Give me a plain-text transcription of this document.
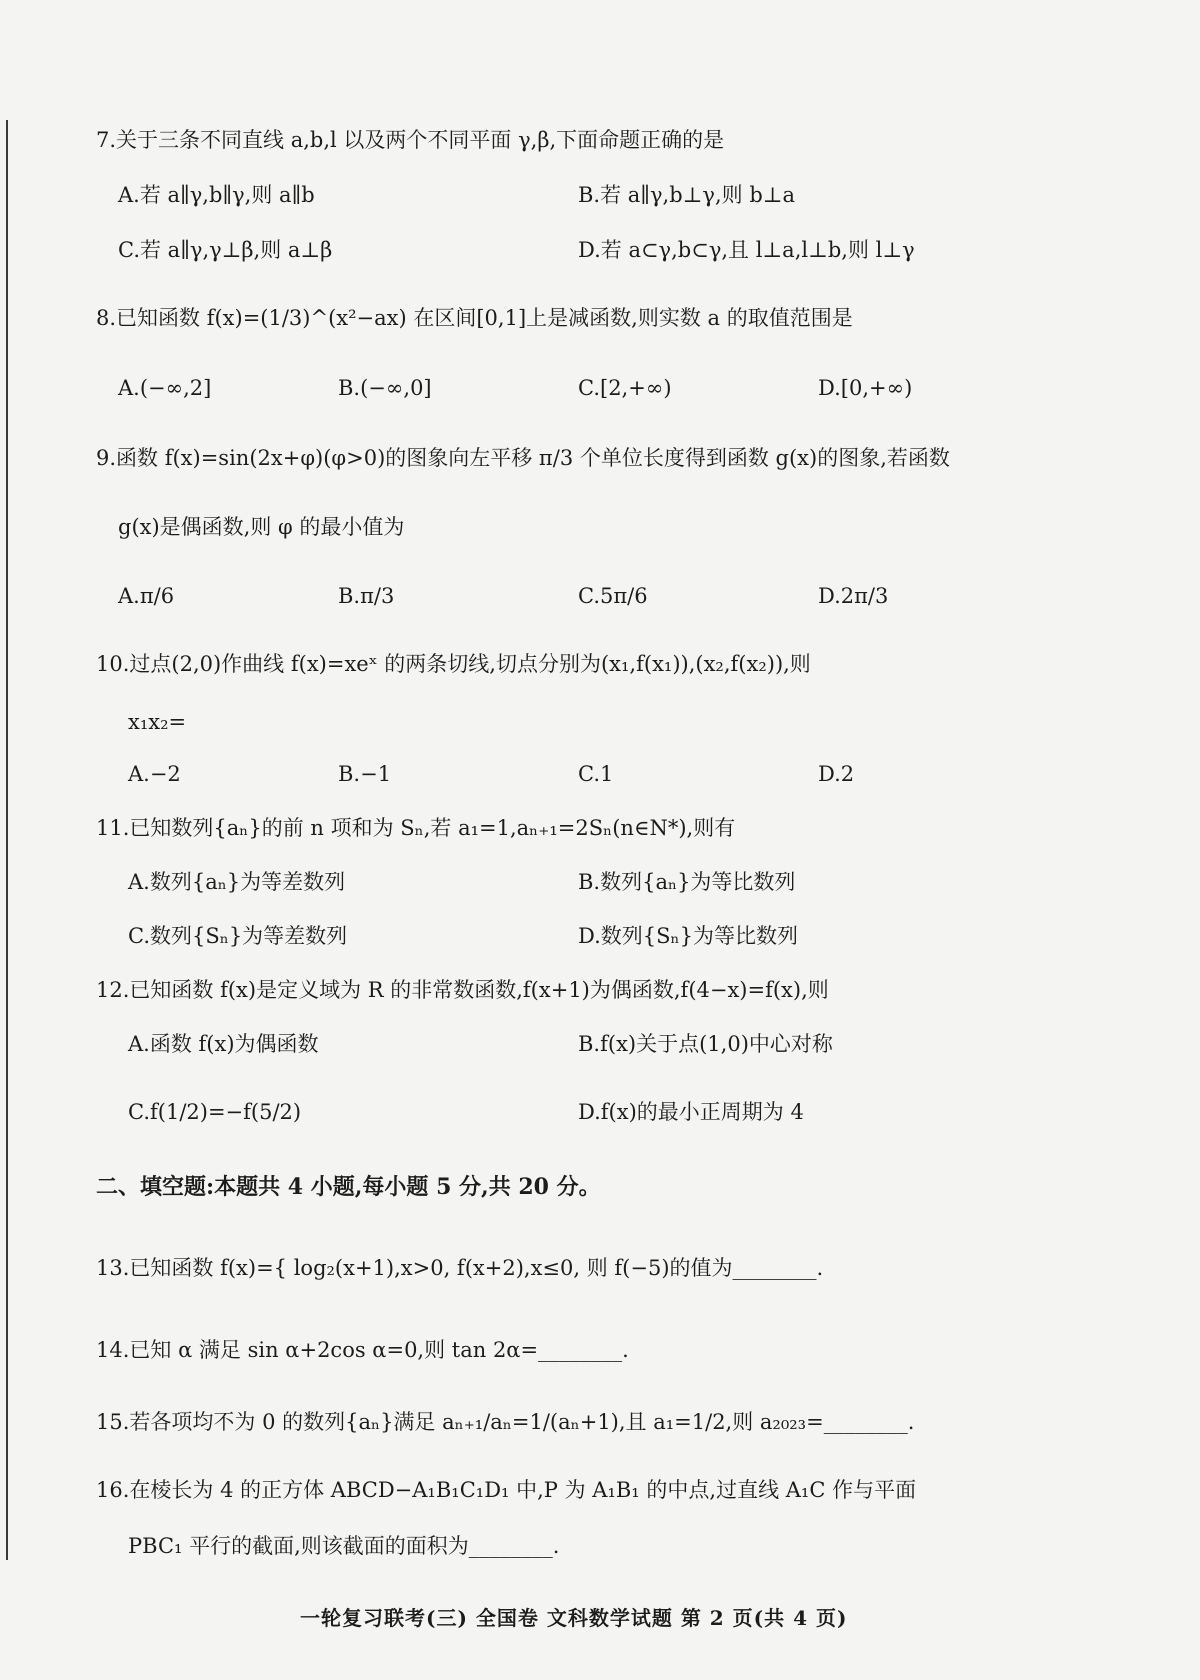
7.关于三条不同直线 a,b,l 以及两个不同平面 γ,β,下面命题正确的是
A.若 a∥γ,b∥γ,则 a∥b	B.若 a∥γ,b⊥γ,则 b⊥a
C.若 a∥γ,γ⊥β,则 a⊥β	D.若 a⊂γ,b⊂γ,且 l⊥a,l⊥b,则 l⊥γ
8.已知函数 f(x)=(1/3)^(x²−ax) 在区间[0,1]上是减函数,则实数 a 的取值范围是
A.(−∞,2]	B.(−∞,0]	C.[2,+∞)	D.[0,+∞)
9.函数 f(x)=sin(2x+φ)(φ>0)的图象向左平移 π/3 个单位长度得到函数 g(x)的图象,若函数
g(x)是偶函数,则 φ 的最小值为
A.π/6	B.π/3	C.5π/6	D.2π/3
10.过点(2,0)作曲线 f(x)=xeˣ 的两条切线,切点分别为(x₁,f(x₁)),(x₂,f(x₂)),则
x₁x₂=
A.−2	B.−1	C.1	D.2
11.已知数列{aₙ}的前 n 项和为 Sₙ,若 a₁=1,aₙ₊₁=2Sₙ(n∈N*),则有
A.数列{aₙ}为等差数列	B.数列{aₙ}为等比数列
C.数列{Sₙ}为等差数列	D.数列{Sₙ}为等比数列
12.已知函数 f(x)是定义域为 R 的非常数函数,f(x+1)为偶函数,f(4−x)=f(x),则
A.函数 f(x)为偶函数	B.f(x)关于点(1,0)中心对称
C.f(1/2)=−f(5/2)	D.f(x)的最小正周期为 4
二、填空题:本题共 4 小题,每小题 5 分,共 20 分。
13.已知函数 f(x)={ log₂(x+1),x>0, f(x+2),x≤0, 则 f(−5)的值为________.
14.已知 α 满足 sin α+2cos α=0,则 tan 2α=________.
15.若各项均不为 0 的数列{aₙ}满足 aₙ₊₁/aₙ=1/(aₙ+1),且 a₁=1/2,则 a₂₀₂₃=________.
16.在棱长为 4 的正方体 ABCD−A₁B₁C₁D₁ 中,P 为 A₁B₁ 的中点,过直线 A₁C 作与平面
PBC₁ 平行的截面,则该截面的面积为________.
一轮复习联考(三) 全国卷 文科数学试题 第 2 页(共 4 页)
